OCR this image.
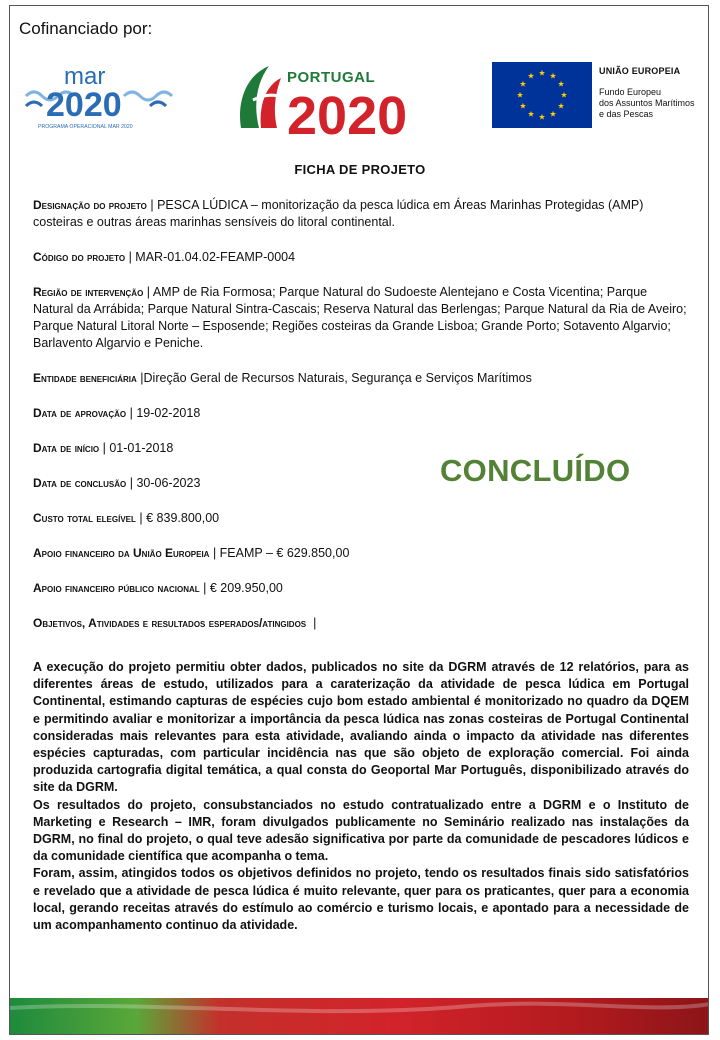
Cofinanciado por:
mar
2020
PROGRAMA OPERACIONAL MAR 2020
PORTUGAL
2020
UNIÃO EUROPEIA
Fundo Europeu
dos Assuntos Marítimos
e das Pescas
FICHA DE PROJETO
Designação do projeto | PESCA LÚDICA – monitorização da pesca lúdica em Áreas Marinhas Protegidas (AMP) costeiras e outras áreas marinhas sensíveis do litoral continental.
Código do projeto | MAR-01.04.02-FEAMP-0004
Região de intervenção | AMP de Ria Formosa; Parque Natural do Sudoeste Alentejano e Costa Vicentina; Parque Natural da Arrábida; Parque Natural Sintra-Cascais; Reserva Natural das Berlengas; Parque Natural da Ria de Aveiro; Parque Natural Litoral Norte – Esposende; Regiões costeiras da Grande Lisboa; Grande Porto; Sotavento Algarvio; Barlavento Algarvio e Peniche.
Entidade beneficiária |Direção Geral de Recursos Naturais, Segurança e Serviços Marítimos
Data de aprovação | 19-02-2018
Data de início | 01-01-2018
Data de conclusão | 30-06-2023
Custo total elegível | € 839.800,00
Apoio financeiro da União Europeia | FEAMP – € 629.850,00
Apoio financeiro público nacional | € 209.950,00
Objetivos, Atividades e resultados esperados/atingidos  |
CONCLUÍDO

A execução do projeto permitiu obter dados, publicados no site da DGRM através de 12 relatórios, para as diferentes áreas de estudo, utilizados para a caraterização da atividade de pesca lúdica em Portugal Continental, estimando capturas de espécies cujo bom estado ambiental é monitorizado no quadro da DQEM e permitindo avaliar e monitorizar a importância da pesca lúdica nas zonas costeiras de Portugal Continental consideradas mais relevantes para esta atividade, avaliando ainda o impacto da atividade nas diferentes espécies capturadas, com particular incidência nas que são objeto de exploração comercial. Foi ainda produzida cartografia digital temática, a qual consta do Geoportal Mar Português, disponibilizado através do site da DGRM.

Os resultados do projeto, consubstanciados no estudo contratualizado entre a DGRM e o Instituto de Marketing e Research – IMR, foram divulgados publicamente no Seminário realizado nas instalações da DGRM, no final do projeto, o qual teve adesão significativa por parte da comunidade de pescadores lúdicos e da comunidade científica que acompanha o tema.

Foram, assim, atingidos todos os objetivos definidos no projeto, tendo os resultados finais sido satisfatórios e revelado que a atividade de pesca lúdica é muito relevante, quer para os praticantes, quer para a economia local, gerando receitas através do estímulo ao comércio e turismo locais, e apontado para a necessidade de um acompanhamento continuo da atividade.
